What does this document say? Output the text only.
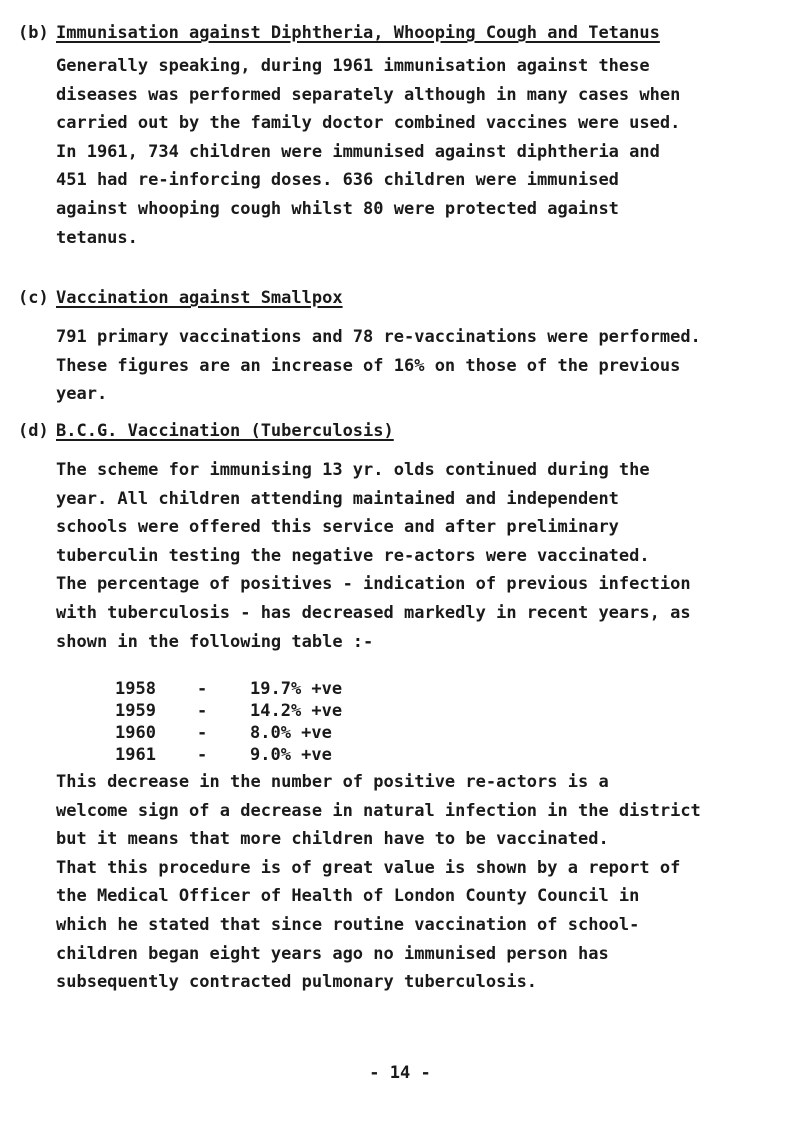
(b) Immunisation against Diphtheria, Whooping Cough and Tetanus
Generally speaking, during 1961 immunisation against these
diseases was performed separately although in many cases when
carried out by the family doctor combined vaccines were used.
In 1961, 734 children were immunised against diphtheria and
451 had re-inforcing doses. 636 children were immunised
against whooping cough whilst 80 were protected against
tetanus.
(c) Vaccination against Smallpox
791 primary vaccinations and 78 re-vaccinations were performed.
These figures are an increase of 16% on those of the previous
year.
(d) B.C.G. Vaccination (Tuberculosis)
The scheme for immunising 13 yr. olds continued during the
year. All children attending maintained and independent
schools were offered this service and after preliminary
tuberculin testing the negative re-actors were vaccinated.
The percentage of positives - indication of previous infection
with tuberculosis - has decreased markedly in recent years, as
shown in the following table :-
1958 -	19.7% +ve
1959 -	14.2% +ve
1960 -	8.0% +ve
1961 -	9.0% +ve
This decrease in the number of positive re-actors is a
welcome sign of a decrease in natural infection in the district
but it means that more children have to be vaccinated.
That this procedure is of great value is shown by a report of
the Medical Officer of Health of London County Council in
which he stated that since routine vaccination of school-
children began eight years ago no immunised person has
subsequently contracted pulmonary tuberculosis.
- 14 -
